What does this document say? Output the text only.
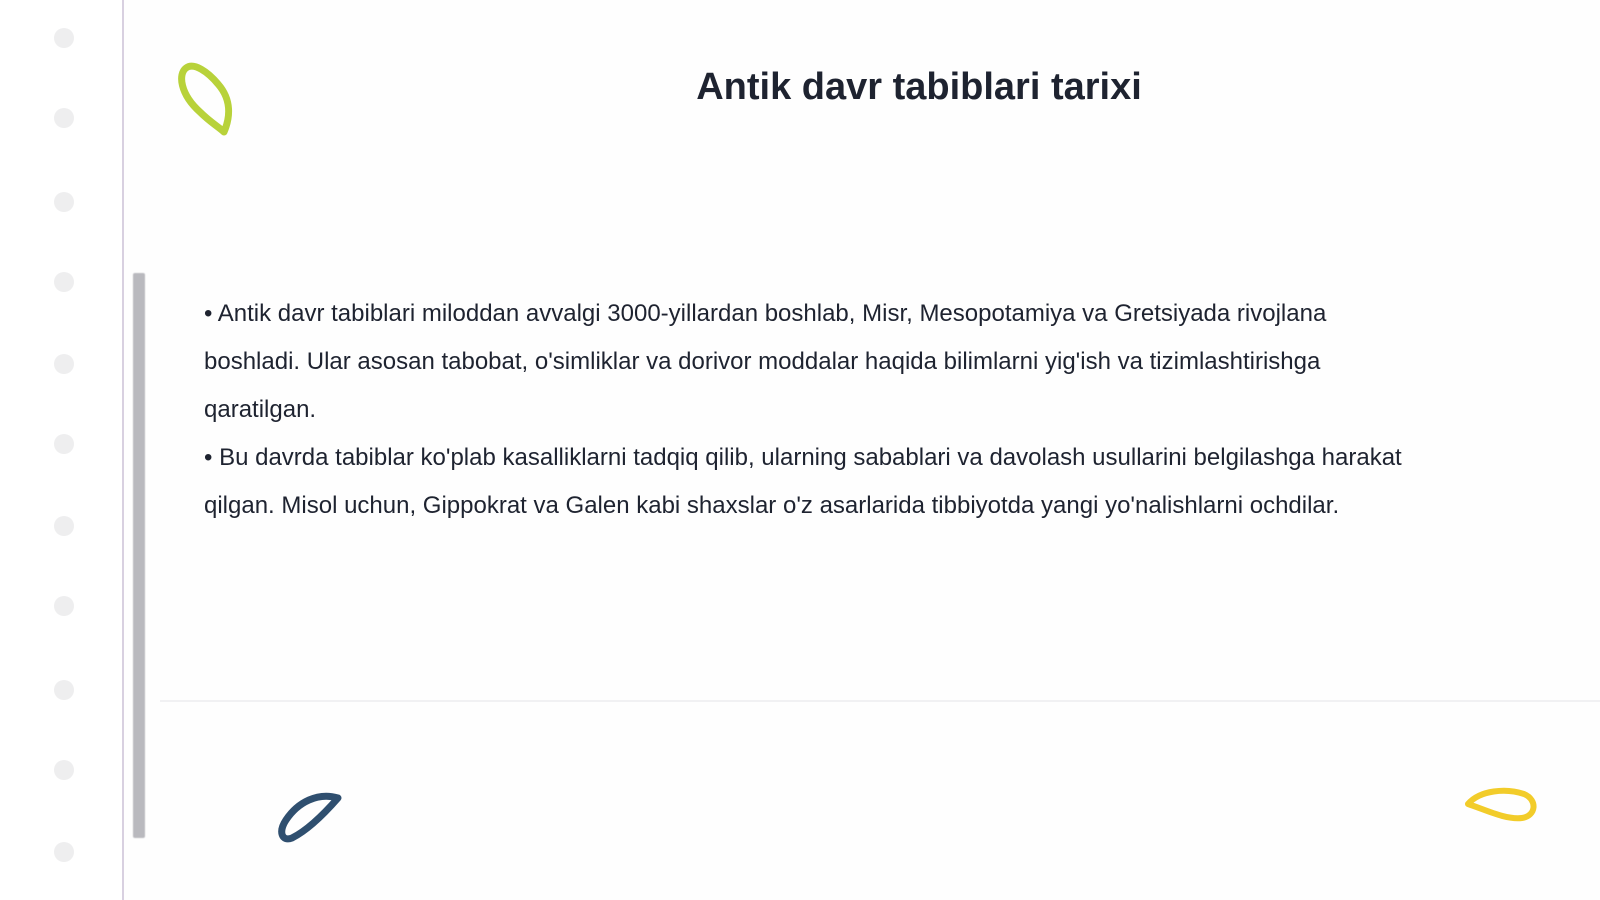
Antik davr tabiblari tarixi

• Antik davr tabiblari miloddan avvalgi 3000-yillardan boshlab, Misr, Mesopotamiya va Gretsiyada rivojlana boshladi. Ular asosan tabobat, o'simliklar va dorivor moddalar haqida bilimlarni yig'ish va tizimlashtirishga qaratilgan.

• Bu davrda tabiblar ko'plab kasalliklarni tadqiq qilib, ularning sabablari va davolash usullarini belgilashga harakat qilgan. Misol uchun, Gippokrat va Galen kabi shaxslar o'z asarlarida tibbiyotda yangi yo'nalishlarni ochdilar.
